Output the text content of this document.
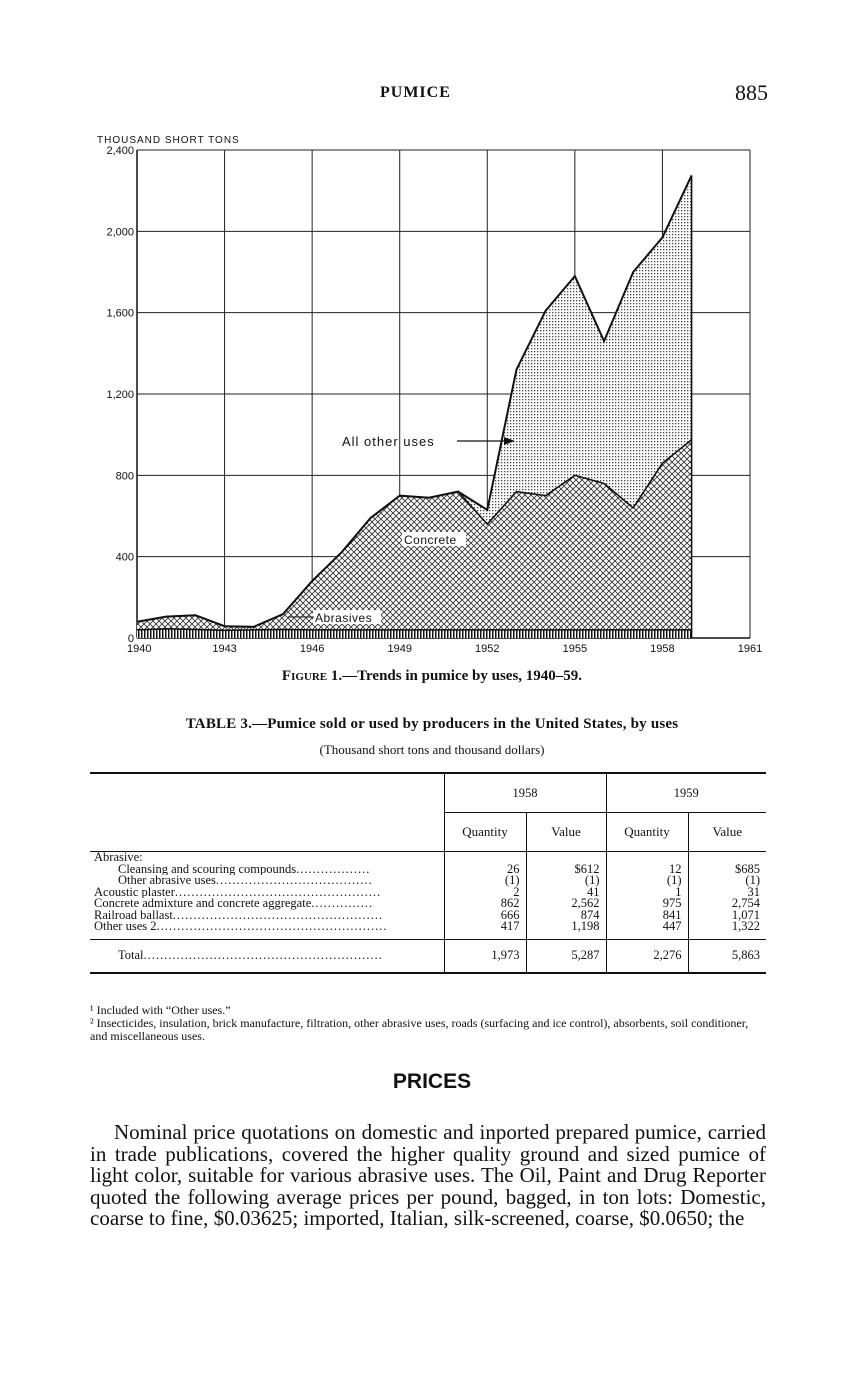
PUMICE	885
0
400
800
1,200
1,600
2,000
2,400
1940	1943	1946	1949	1952	1955	1958	1961
THOUSAND SHORT TONS
All other uses
Concrete
Abrasives
Figure 1.—Trends in pumice by uses, 1940–59.
TABLE 3.—Pumice sold or used by producers in the United States, by uses
(Thousand short tons and thousand dollars)
	1958		1959	
	Quantity	Value	Quantity	Value
Abrasive:				
Cleansing and scouring compounds..................	26	$612	12	$685
Other abrasive uses......................................	(1)	(1)	(1)	(1)
Acoustic plaster..................................................	2	41	1	31
Concrete admixture and concrete aggregate...............	862	2,562	975	2,754
Railroad ballast...................................................	666	874	841	1,071
Other uses 2........................................................	417	1,198	447	1,322

Total..........................................................	1,973	5,287	2,276	5,863

¹ Included with “Other uses.”

² Insecticides, insulation, brick manufacture, filtration, other abrasive uses, roads (surfacing and ice control), absorbents, soil conditioner, and miscellaneous uses.

PRICES

Nominal price quotations on domestic and inported prepared pumice, carried in trade publications, covered the higher quality ground and sized pumice of light color, suitable for various abrasive uses. The Oil, Paint and Drug Reporter quoted the following average prices per pound, bagged, in ton lots: Domestic, coarse to fine, $0.03625; imported, Italian, silk-screened, coarse, $0.0650; the
